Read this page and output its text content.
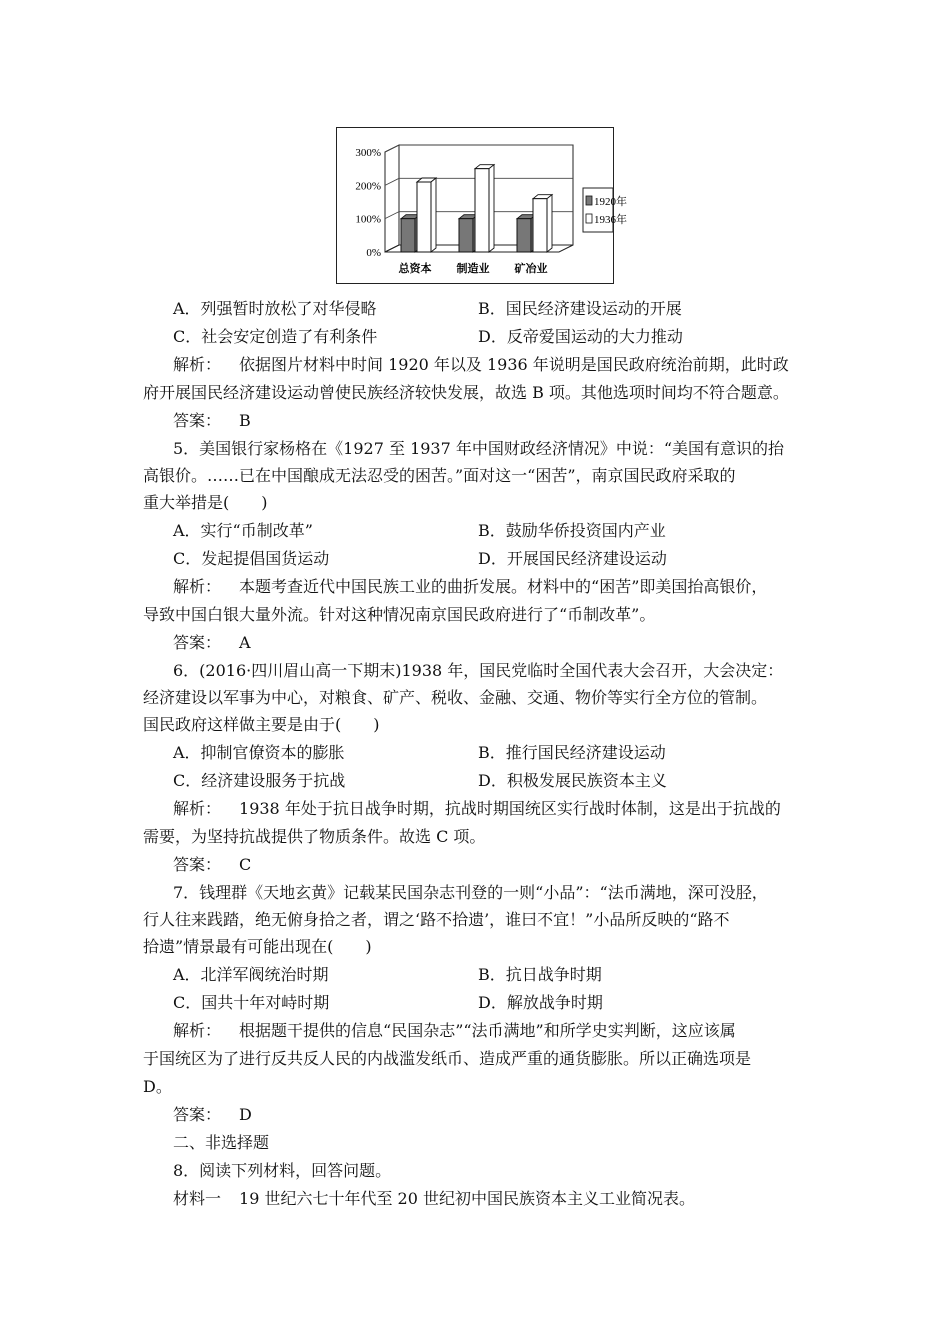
300%
200%
100%
0%
总资本 制造业 矿冶业
1920年
1936年
A．列强暂时放松了对华侵略	B．国民经济建设运动的开展
C．社会安定创造了有利条件	D．反帝爱国运动的大力推动
解析： 依据图片材料中时间 1920 年以及 1936 年说明是国民政府统治前期，此时政
府开展国民经济建设运动曾使民族经济较快发展，故选 B 项。其他选项时间均不符合题意。
答案： B
5．美国银行家杨格在《1927 至 1937 年中国财政经济情况》中说：“美国有意识的抬
高银价。……已在中国酿成无法忍受的困苦。”面对这一“困苦”，南京国民政府采取的
重大举措是(　　)
A．实行“币制改革”	B．鼓励华侨投资国内产业
C．发起提倡国货运动	D．开展国民经济建设运动
解析： 本题考查近代中国民族工业的曲折发展。材料中的“困苦”即美国抬高银价，
导致中国白银大量外流。针对这种情况南京国民政府进行了“币制改革”。
答案： A
6．(2016·四川眉山高一下期末)1938 年，国民党临时全国代表大会召开，大会决定：
经济建设以军事为中心，对粮食、矿产、税收、金融、交通、物价等实行全方位的管制。
国民政府这样做主要是由于(　　)
A．抑制官僚资本的膨胀	B．推行国民经济建设运动
C．经济建设服务于抗战	D．积极发展民族资本主义
解析： 1938 年处于抗日战争时期，抗战时期国统区实行战时体制，这是出于抗战的
需要，为坚持抗战提供了物质条件。故选 C 项。
答案： C
7．钱理群《天地玄黄》记载某民国杂志刊登的一则“小品”：“法币满地，深可没胫，
行人往来践踏，绝无俯身拾之者，谓之‘路不拾遗’，谁曰不宜！”小品所反映的“路不
拾遗”情景最有可能出现在(　　)
A．北洋军阀统治时期	B．抗日战争时期
C．国共十年对峙时期	D．解放战争时期
解析： 根据题干提供的信息“民国杂志”“法币满地”和所学史实判断，这应该属
于国统区为了进行反共反人民的内战滥发纸币、造成严重的通货膨胀。所以正确选项是
D。
答案： D
二、非选择题
8．阅读下列材料，回答问题。
材料一 19 世纪六七十年代至 20 世纪初中国民族资本主义工业简况表。
